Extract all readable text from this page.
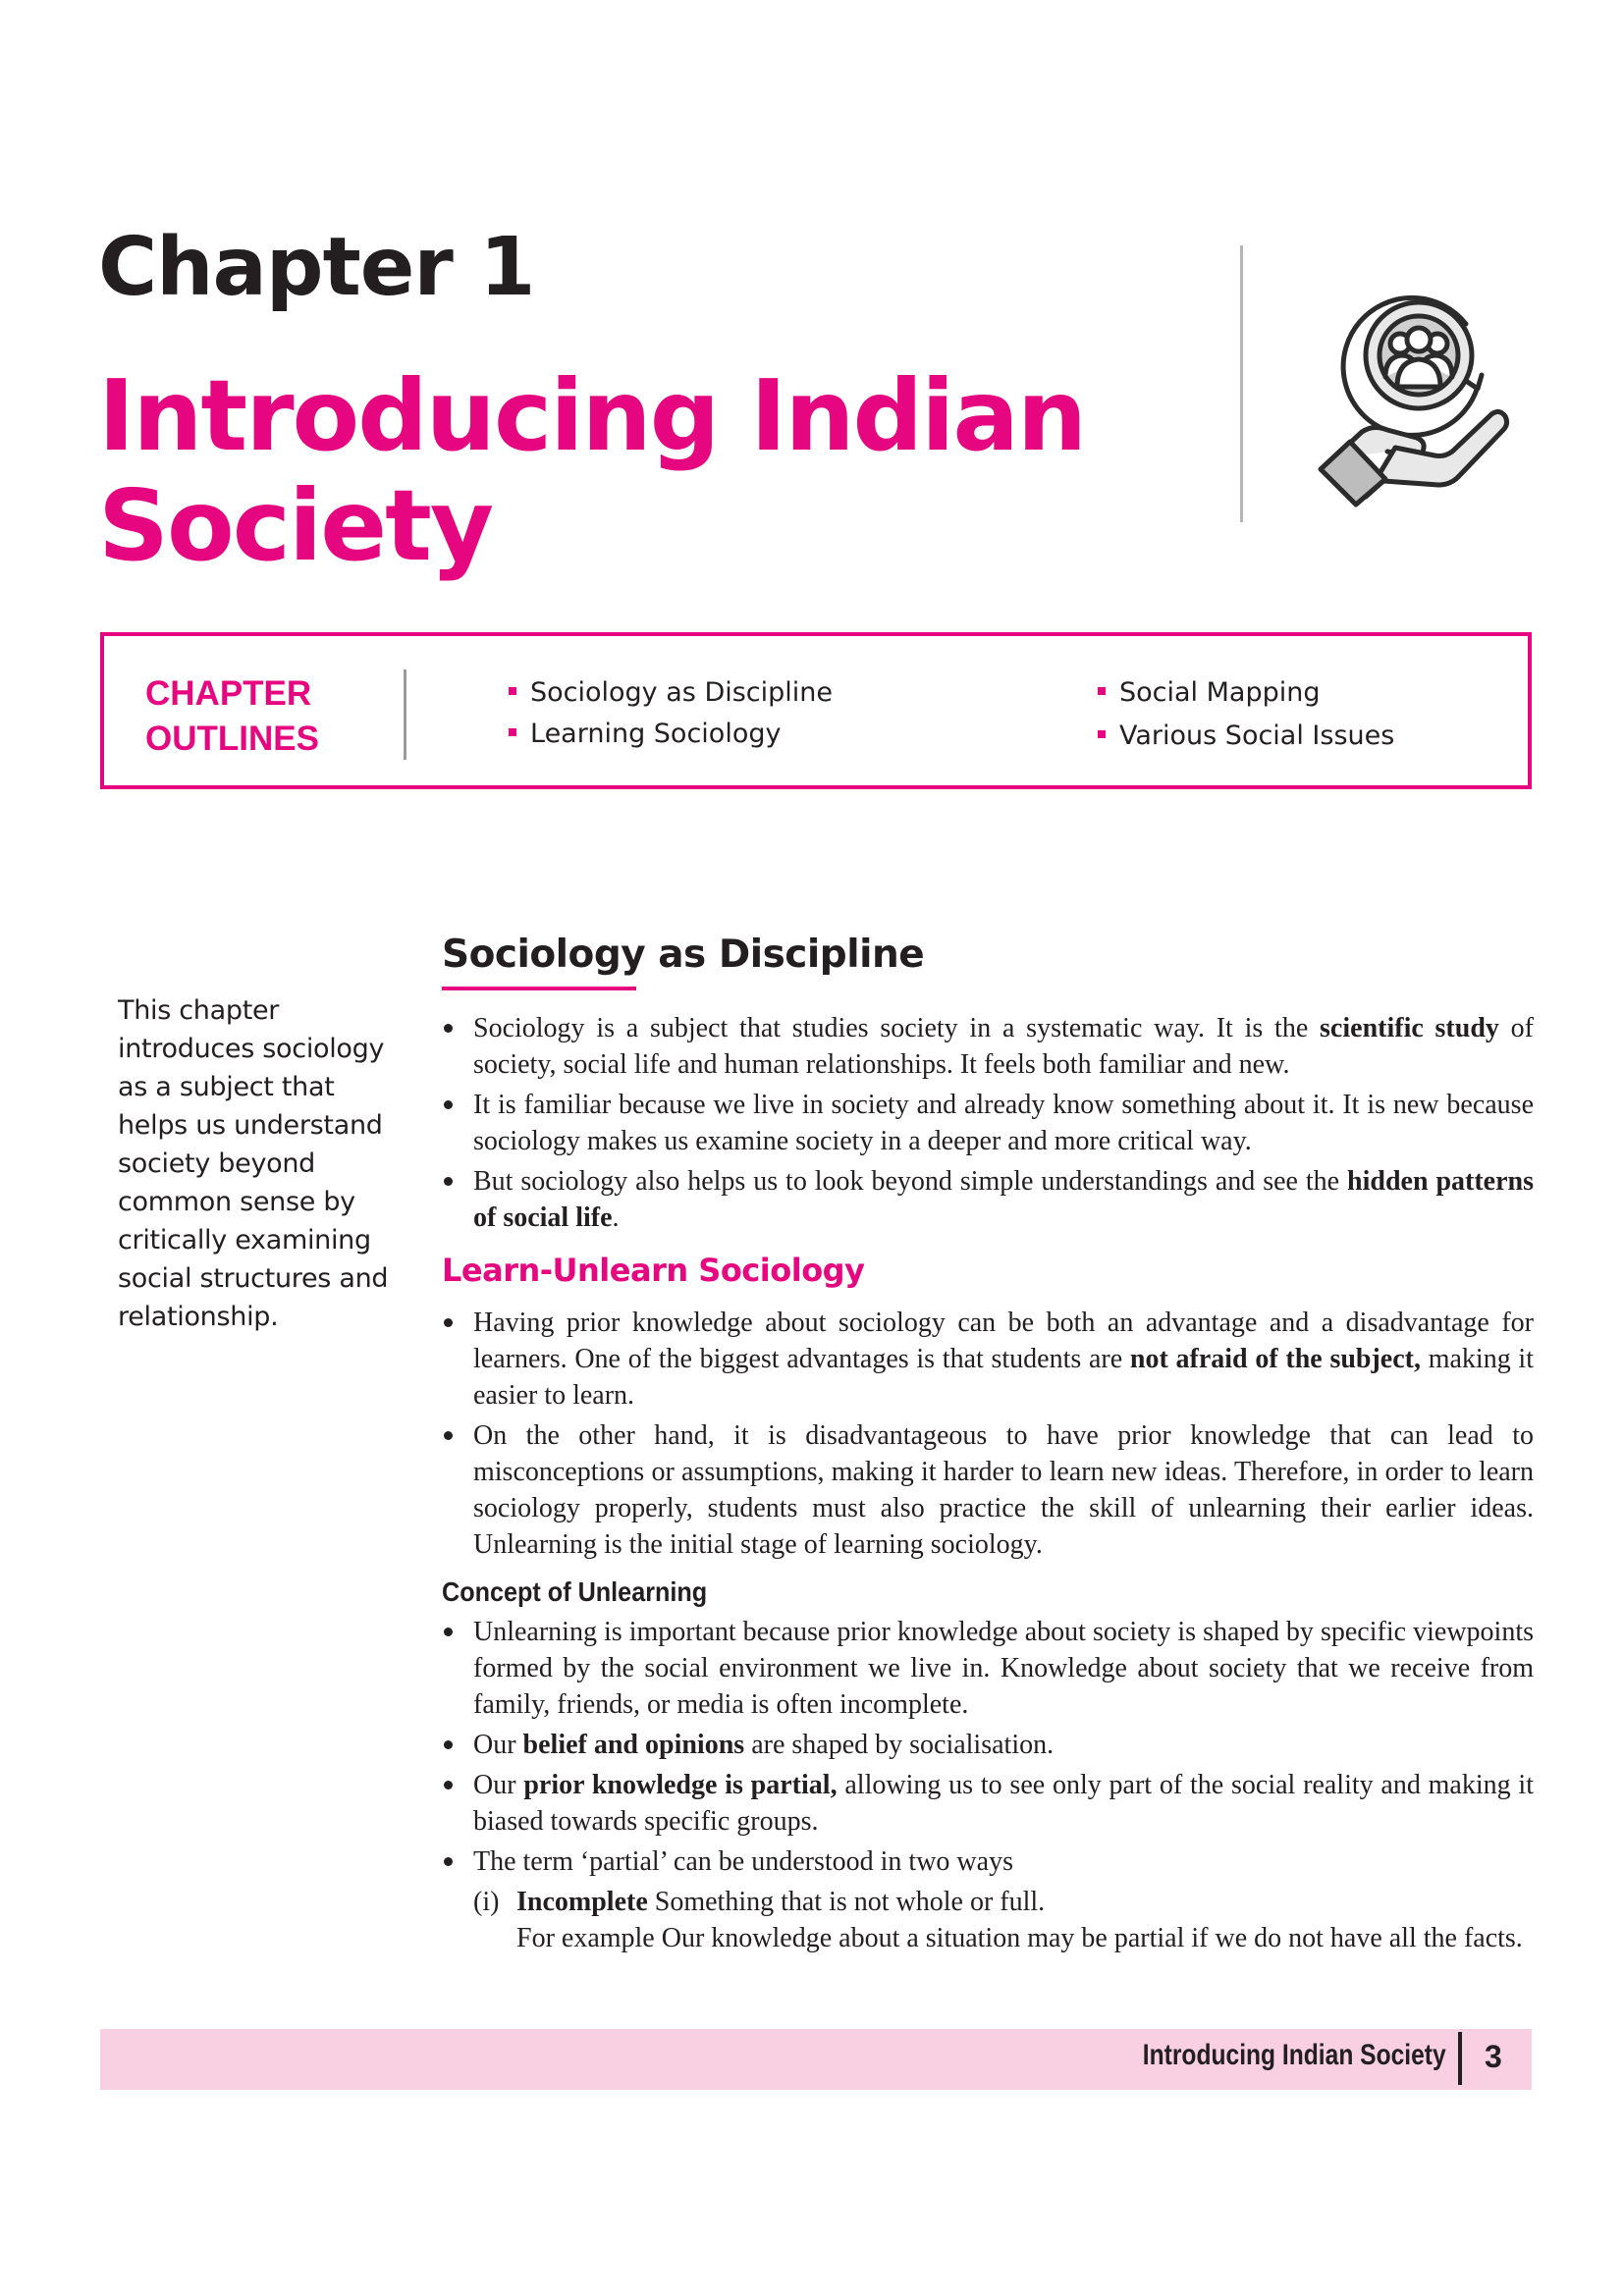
Chapter 1
Introducing Indian Society
CHAPTER
OUTLINES
Sociology as Discipline
Learning Sociology
Social Mapping
Various Social Issues
This chapter introduces sociology as a subject that helps us understand society beyond common sense by critically examining social structures and relationship.
Sociology as Discipline
Sociology is a subject that studies society in a systematic way. It is the scientific study of society, social life and human relationships. It feels both familiar and new.
It is familiar because we live in society and already know something about it. It is new because sociology makes us examine society in a deeper and more critical way.
But sociology also helps us to look beyond simple understandings and see the hidden patterns of social life.
Learn-Unlearn Sociology
Having prior knowledge about sociology can be both an advantage and a disadvantage for learners. One of the biggest advantages is that students are not afraid of the subject, making it easier to learn.
On the other hand, it is disadvantageous to have prior knowledge that can lead to misconceptions or assumptions, making it harder to learn new ideas. Therefore, in order to learn sociology properly, students must also practice the skill of unlearning their earlier ideas. Unlearning is the initial stage of learning sociology.
Concept of Unlearning
Unlearning is important because prior knowledge about society is shaped by specific viewpoints formed by the social environment we live in. Knowledge about society that we receive from family, friends, or media is often incomplete.
Our belief and opinions are shaped by socialisation.
Our prior knowledge is partial, allowing us to see only part of the social reality and making it biased towards specific groups.
The term ‘partial’ can be understood in two ways
(i) Incomplete Something that is not whole or full.
For example Our knowledge about a situation may be partial if we do not have all the facts.
Introducing Indian Society 3
